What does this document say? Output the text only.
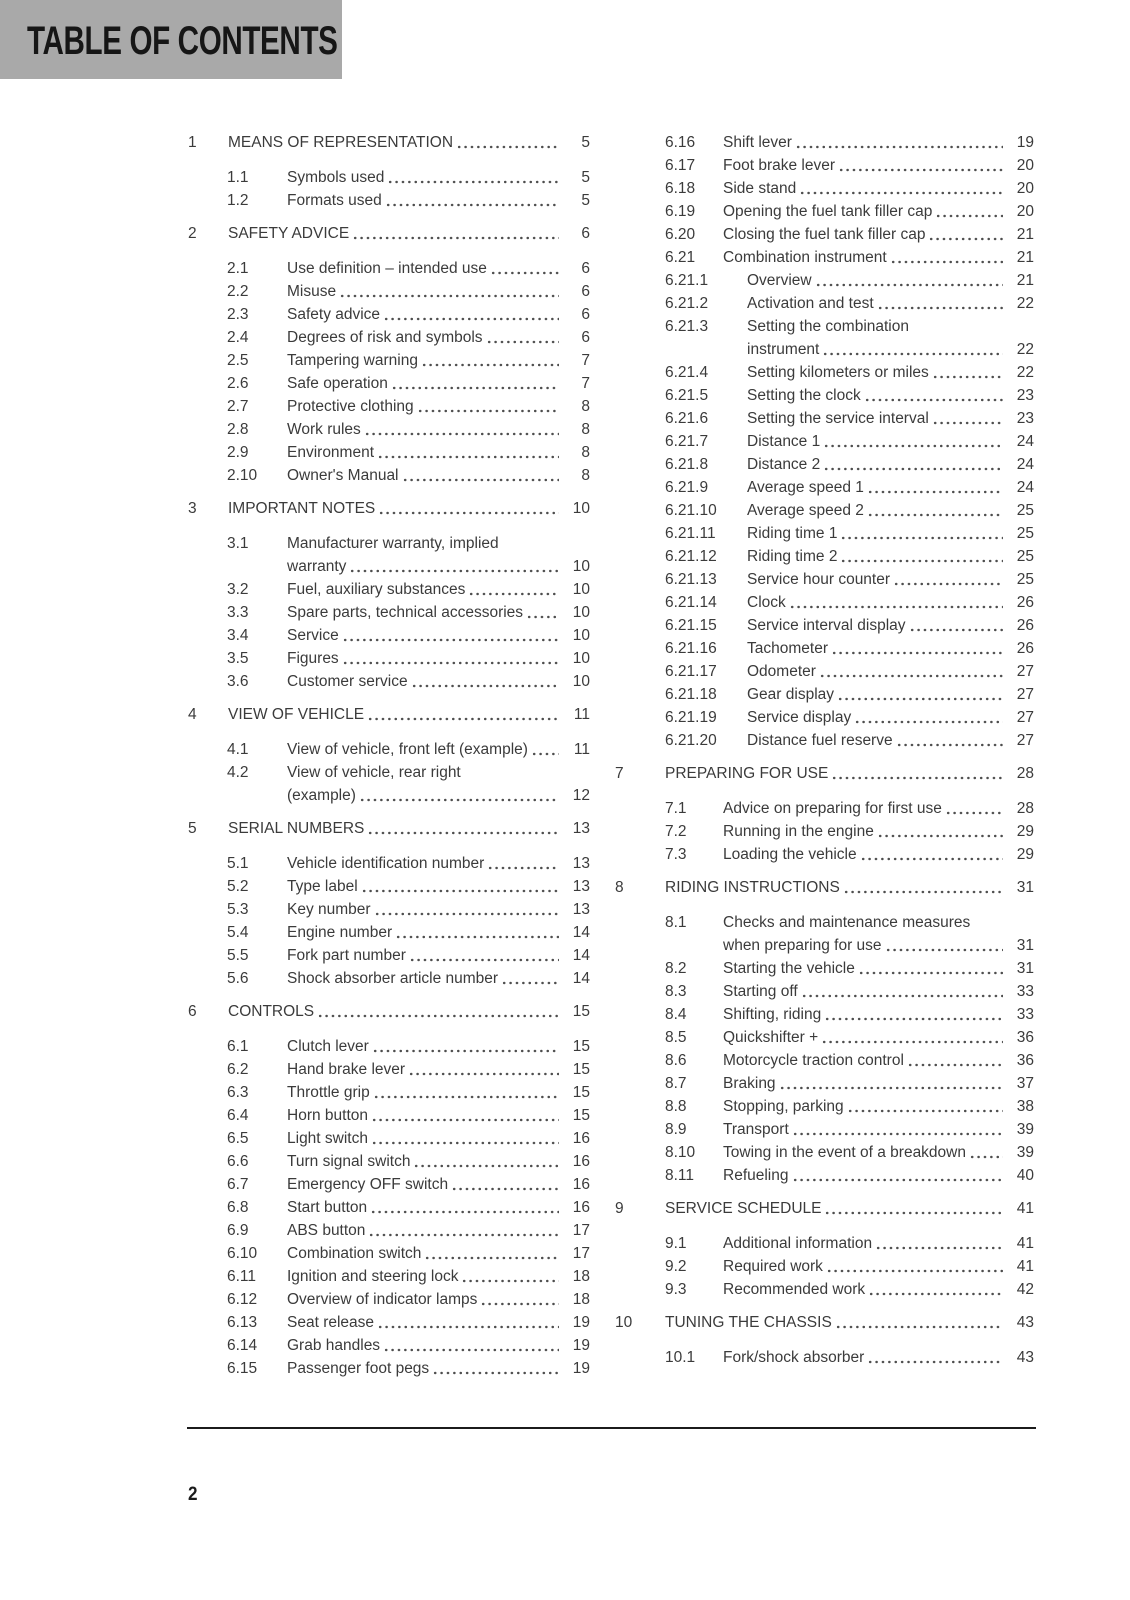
TABLE OF CONTENTS
1	MEANS OF REPRESENTATION	5
1.1	Symbols used	5
1.2	Formats used	5
2	SAFETY ADVICE	6
2.1	Use definition – intended use	6
2.2	Misuse	6
2.3	Safety advice	6
2.4	Degrees of risk and symbols	6
2.5	Tampering warning	7
2.6	Safe operation	7
2.7	Protective clothing	8
2.8	Work rules	8
2.9	Environment	8
2.10	Owner's Manual	8
3	IMPORTANT NOTES	10
3.1	Manufacturer warranty, implied
warranty	10
3.2	Fuel, auxiliary substances	10
3.3	Spare parts, technical accessories	10
3.4	Service	10
3.5	Figures	10
3.6	Customer service	10
4	VIEW OF VEHICLE	11
4.1	View of vehicle, front left (example)	11
4.2	View of vehicle, rear right
(example)	12
5	SERIAL NUMBERS	13
5.1	Vehicle identification number	13
5.2	Type label	13
5.3	Key number	13
5.4	Engine number	14
5.5	Fork part number	14
5.6	Shock absorber article number	14
6	CONTROLS	15
6.1	Clutch lever	15
6.2	Hand brake lever	15
6.3	Throttle grip	15
6.4	Horn button	15
6.5	Light switch	16
6.6	Turn signal switch	16
6.7	Emergency OFF switch	16
6.8	Start button	16
6.9	ABS button	17
6.10	Combination switch	17
6.11	Ignition and steering lock	18
6.12	Overview of indicator lamps	18
6.13	Seat release	19
6.14	Grab handles	19
6.15	Passenger foot pegs	19
6.16	Shift lever	19
6.17	Foot brake lever	20
6.18	Side stand	20
6.19	Opening the fuel tank filler cap	20
6.20	Closing the fuel tank filler cap	21
6.21	Combination instrument	21
6.21.1	Overview	21
6.21.2	Activation and test	22
6.21.3	Setting the combination
instrument	22
6.21.4	Setting kilometers or miles	22
6.21.5	Setting the clock	23
6.21.6	Setting the service interval	23
6.21.7	Distance 1	24
6.21.8	Distance 2	24
6.21.9	Average speed 1	24
6.21.10	Average speed 2	25
6.21.11	Riding time 1	25
6.21.12	Riding time 2	25
6.21.13	Service hour counter	25
6.21.14	Clock	26
6.21.15	Service interval display	26
6.21.16	Tachometer	26
6.21.17	Odometer	27
6.21.18	Gear display	27
6.21.19	Service display	27
6.21.20	Distance fuel reserve	27
7	PREPARING FOR USE	28
7.1	Advice on preparing for first use	28
7.2	Running in the engine	29
7.3	Loading the vehicle	29
8	RIDING INSTRUCTIONS	31
8.1	Checks and maintenance measures
when preparing for use	31
8.2	Starting the vehicle	31
8.3	Starting off	33
8.4	Shifting, riding	33
8.5	Quickshifter +	36
8.6	Motorcycle traction control	36
8.7	Braking	37
8.8	Stopping, parking	38
8.9	Transport	39
8.10	Towing in the event of a breakdown	39
8.11	Refueling	40
9	SERVICE SCHEDULE	41
9.1	Additional information	41
9.2	Required work	41
9.3	Recommended work	42
10	TUNING THE CHASSIS	43
10.1	Fork/shock absorber	43
2
